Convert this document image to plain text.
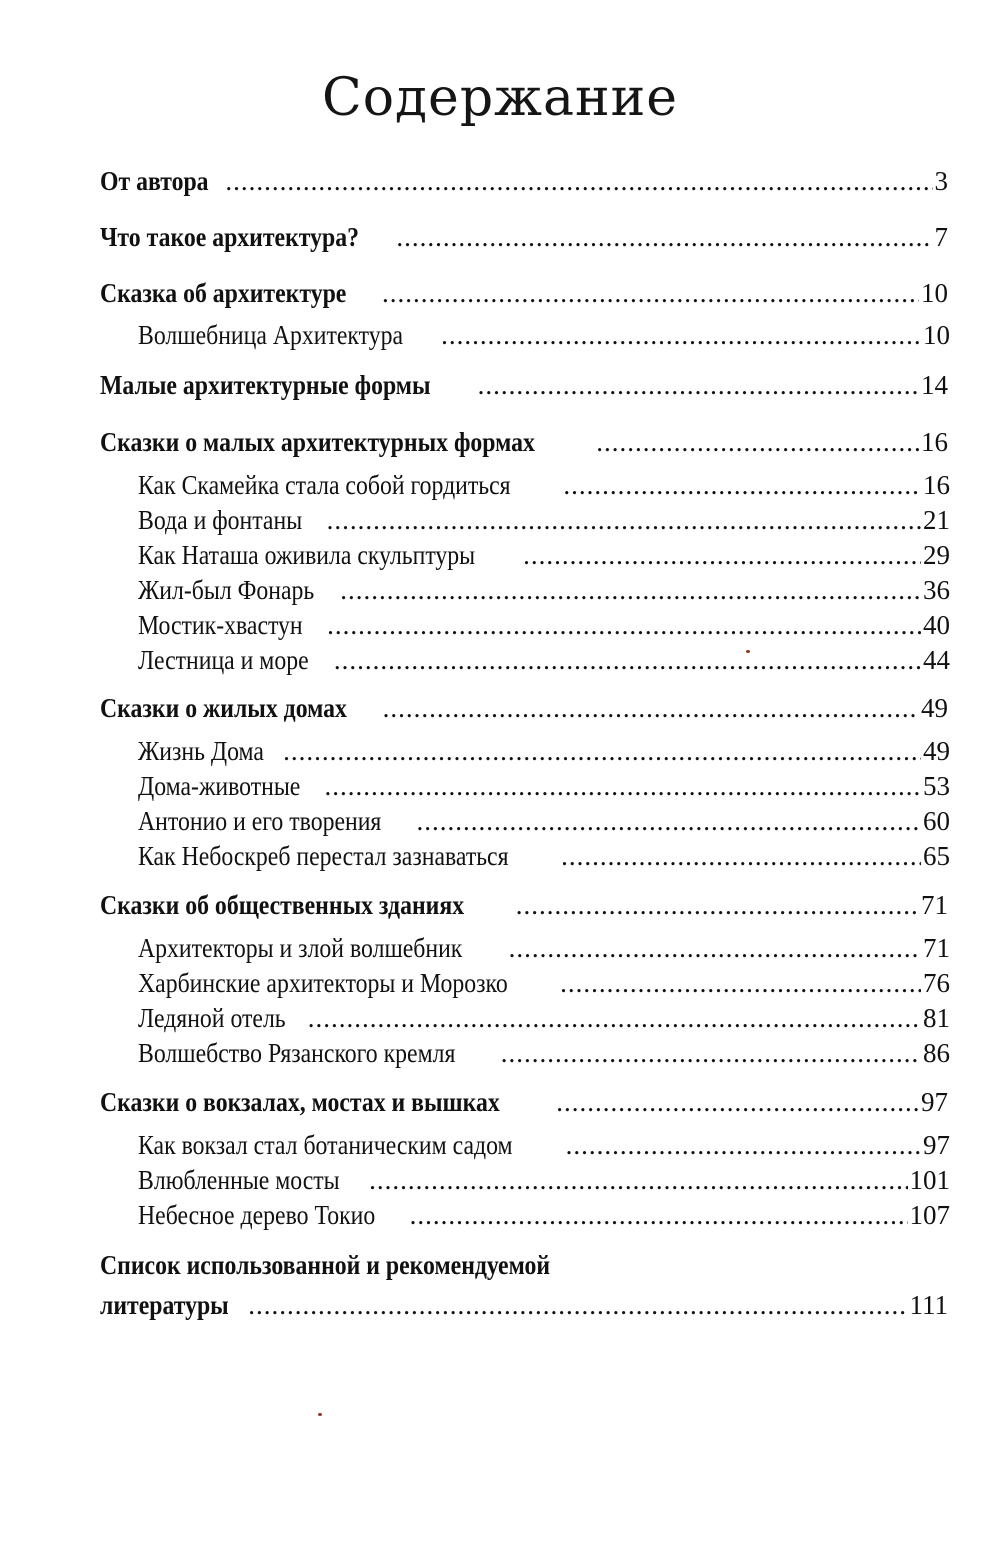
Содержание
От автора .....	3
Что такое архитектура? .....	7
Сказка об архитектуре .....	10
Волшебница Архитектура .....	10
Малые архитектурные формы .....	14
Сказки о малых архитектурных формах .....	16
Как Скамейка стала собой гордиться .....	16
Вода и фонтаны .....	21
Как Наташа оживила скульптуры .....	29
Жил-был Фонарь .....	36
Мостик-хвастун .....	40
Лестница и море .....	44
Сказки о жилых домах .....	49
Жизнь Дома .....	49
Дома-животные .....	53
Антонио и его творения .....	60
Как Небоскреб перестал зазнаваться .....	65
Сказки об общественных зданиях .....	71
Архитекторы и злой волшебник .....	71
Харбинские архитекторы и Морозко .....	76
Ледяной отель .....	81
Волшебство Рязанского кремля .....	86
Сказки о вокзалах, мостах и вышках .....	97
Как вокзал стал ботаническим садом .....	97
Влюбленные мосты .....	101
Небесное дерево Токио .....	107
Список использованной и рекомендуемой
литературы .....	111
